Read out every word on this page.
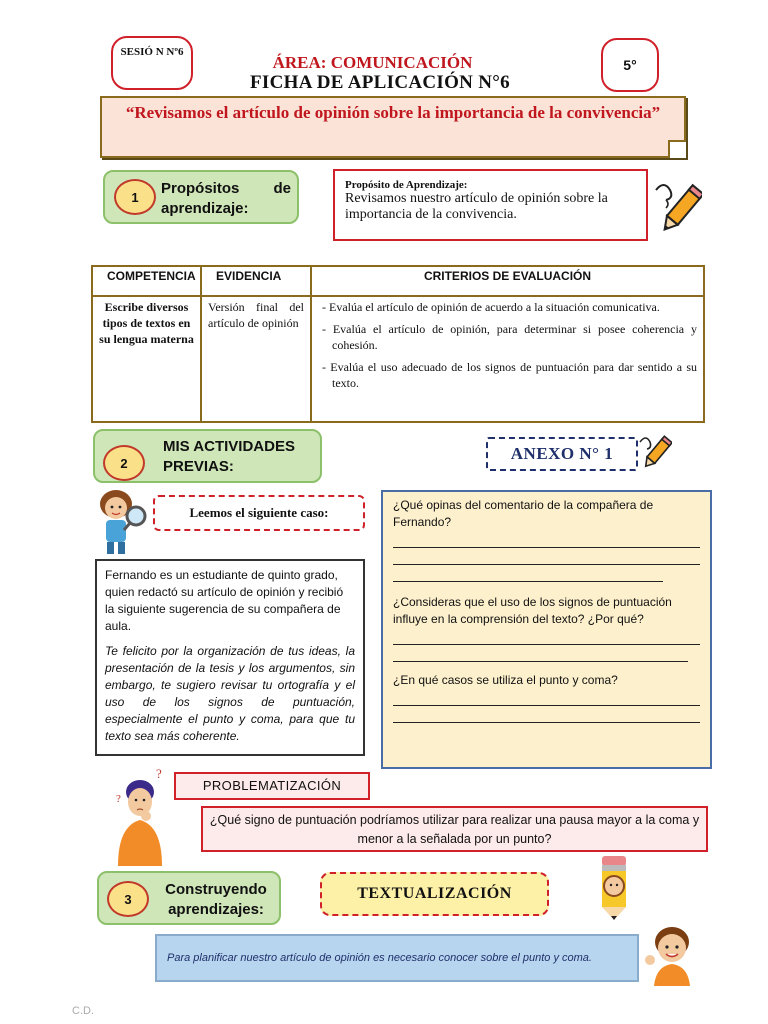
SESIÓ N Nº6
ÁREA: COMUNICACIÓN
FICHA DE APLICACIÓN N°6
5°
“Revisamos el artículo de opinión sobre la importancia de la convivencia”
1
Propósitos de aprendizaje:
Propósito de Aprendizaje:
Revisamos nuestro artículo de opinión sobre la importancia de la convivencia.
COMPETENCIA	EVIDENCIA	CRITERIOS DE EVALUACIÓN
Escribe diversos tipos de textos en su lengua materna	Versión final del artículo de opinión	- Evalúa el artículo de opinión de acuerdo a la situación comunicativa.
- Evalúa el artículo de opinión, para determinar si posee coherencia y cohesión.
- Evalúa el uso adecuado de los signos de puntuación para dar sentido a su texto.
2
MIS ACTIVIDADES PREVIAS:
ANEXO N° 1
Leemos el siguiente caso:
Fernando es un estudiante de quinto grado, quien redactó su artículo de opinión y recibió la siguiente sugerencia de su compañera de aula.
Te felicito por la organización de tus ideas, la presentación de la tesis y los argumentos, sin embargo, te sugiero revisar tu ortografía y el uso de los signos de puntuación, especialmente el punto y coma, para que tu texto sea más coherente.
¿Qué opinas del comentario de la compañera de Fernando?
¿Consideras que el uso de los signos de puntuación influye en la comprensión del texto? ¿Por qué?
¿En qué casos se utiliza el punto y coma?
?
?
PROBLEMATIZACIÓN
¿Qué signo de puntuación podríamos utilizar para realizar una pausa mayor a la coma y menor a la señalada por un punto?
3
Construyendo aprendizajes:
TEXTUALIZACIÓN
Para planificar nuestro artículo de opinión es necesario conocer sobre el punto y coma.
C.D.
